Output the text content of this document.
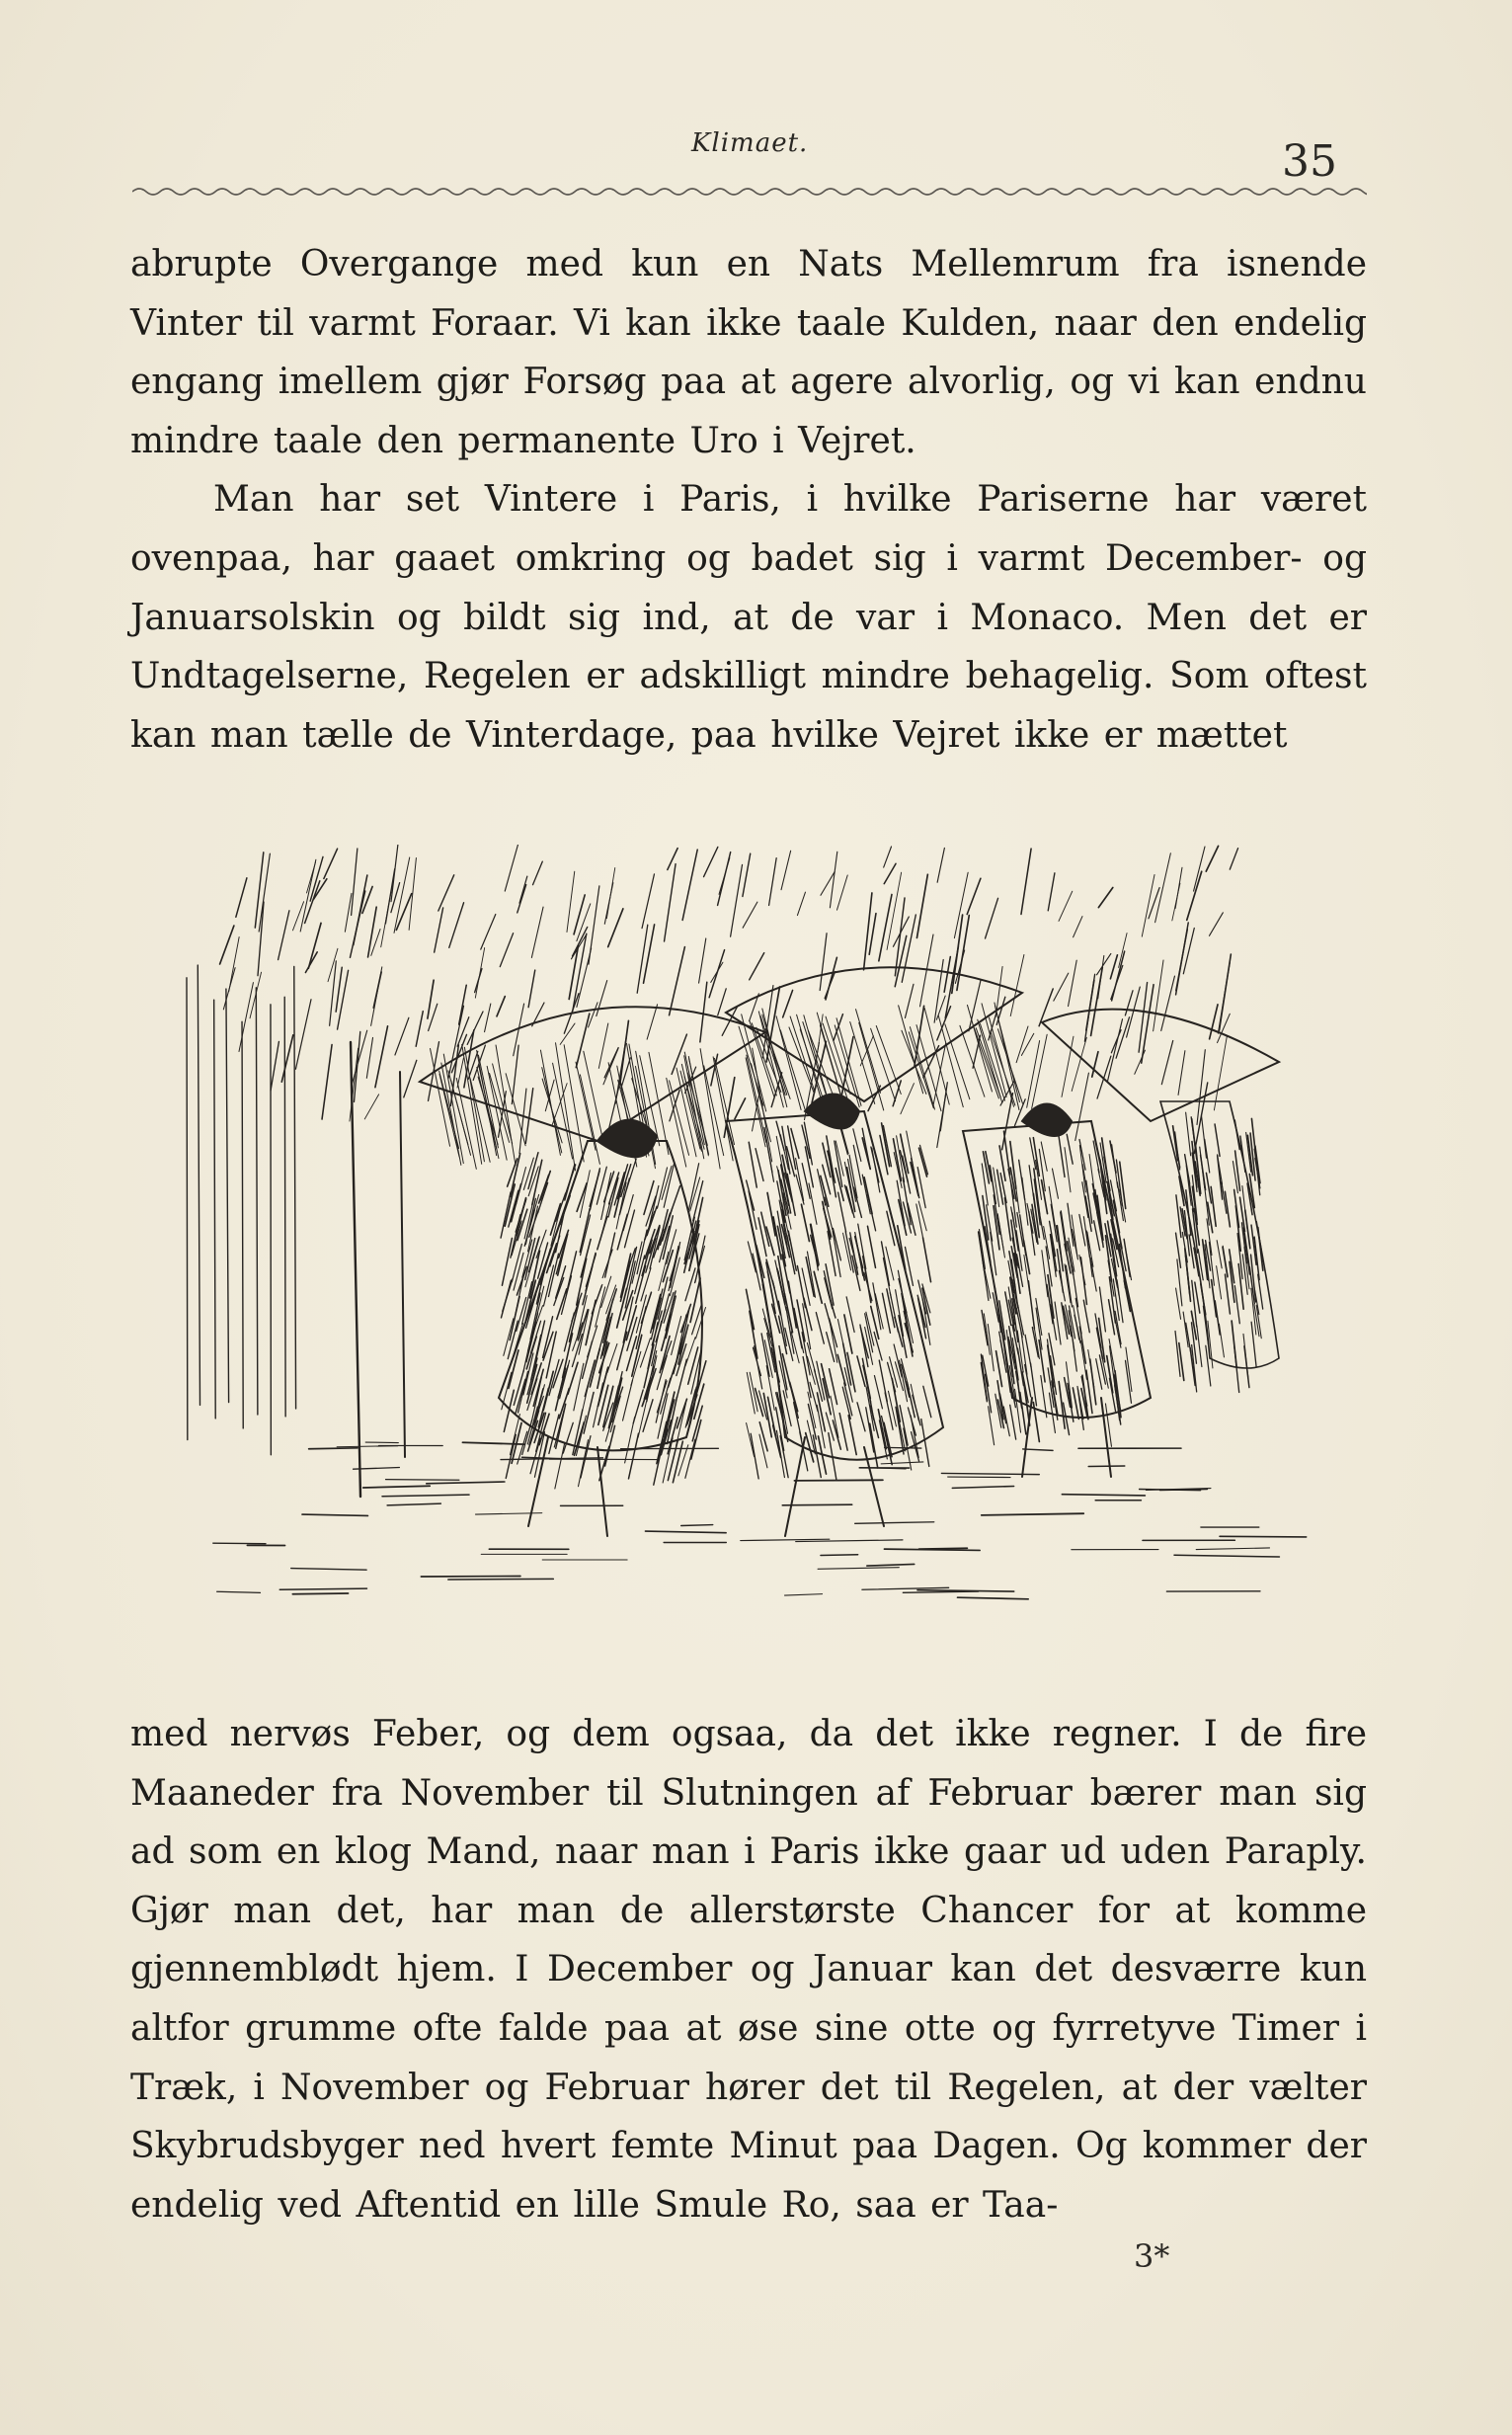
Klimaet.	35

abrupte Overgange med kun en Nats Mellemrum fra isnende Vinter til varmt Foraar. Vi kan ikke taale Kulden, naar den endelig engang imellem gjør Forsøg paa at agere alvorlig, og vi kan endnu mindre taale den permanente Uro i Vejret.

Man har set Vintere i Paris, i hvilke Pariserne har været ovenpaa, har gaaet omkring og badet sig i varmt December- og Januarsolskin og bildt sig ind, at de var i Monaco. Men det er Undtagelserne, Regelen er adskilligt mindre behagelig. Som oftest kan man tælle de Vinterdage, paa hvilke Vejret ikke er mættet

med nervøs Feber, og dem ogsaa, da det ikke regner. I de fire Maaneder fra November til Slutningen af Februar bærer man sig ad som en klog Mand, naar man i Paris ikke gaar ud uden Paraply. Gjør man det, har man de allerstørste Chancer for at komme gjennemblødt hjem. I December og Januar kan det desværre kun altfor grumme ofte falde paa at øse sine otte og fyrretyve Timer i Træk, i November og Februar hører det til Regelen, at der vælter Skybrudsbyger ned hvert femte Minut paa Dagen. Og kommer der endelig ved Aftentid en lille Smule Ro, saa er Taa-

3*
